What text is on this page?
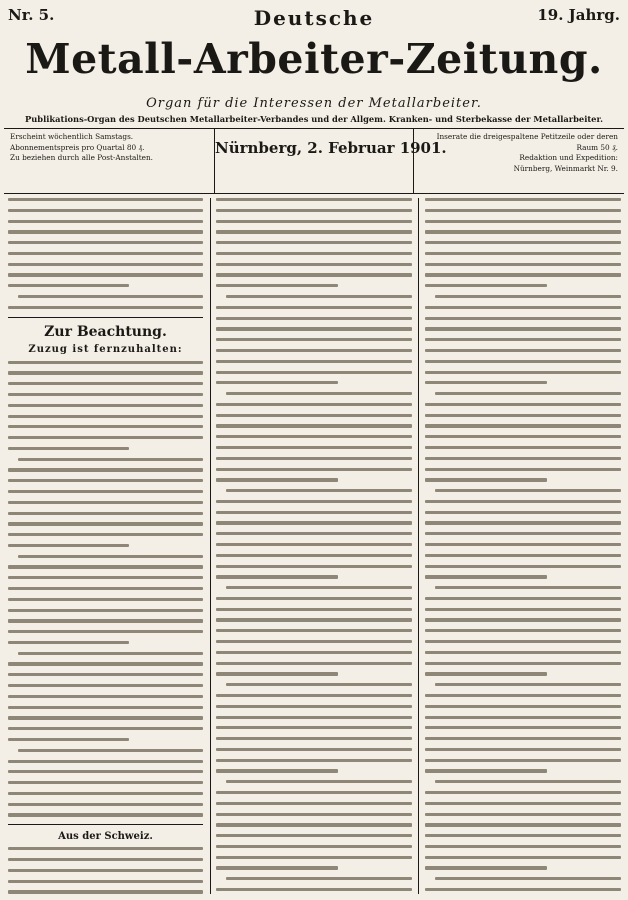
Nr. 5.	Deutsche	19. Jahrg.
Metall-Arbeiter-Zeitung.
Organ für die Interessen der Metallarbeiter.
Publikations-Organ des Deutschen Metallarbeiter-Verbandes und der Allgem. Kranken- und Sterbekasse der Metallarbeiter.
Erscheint wöchentlich Samstags.
Abonnementspreis pro Quartal 80 ₰.
Zu beziehen durch alle Post-Anstalten.
Nürnberg, 2. Februar 1901.
Inserate die dreigespaltene Petitzeile oder deren Raum 50 ₰.
Redaktion und Expedition:
Nürnberg, Weinmarkt Nr. 9.
Zur Beachtung.
Zuzug ist fernzuhalten:
Aus der Schweiz.
